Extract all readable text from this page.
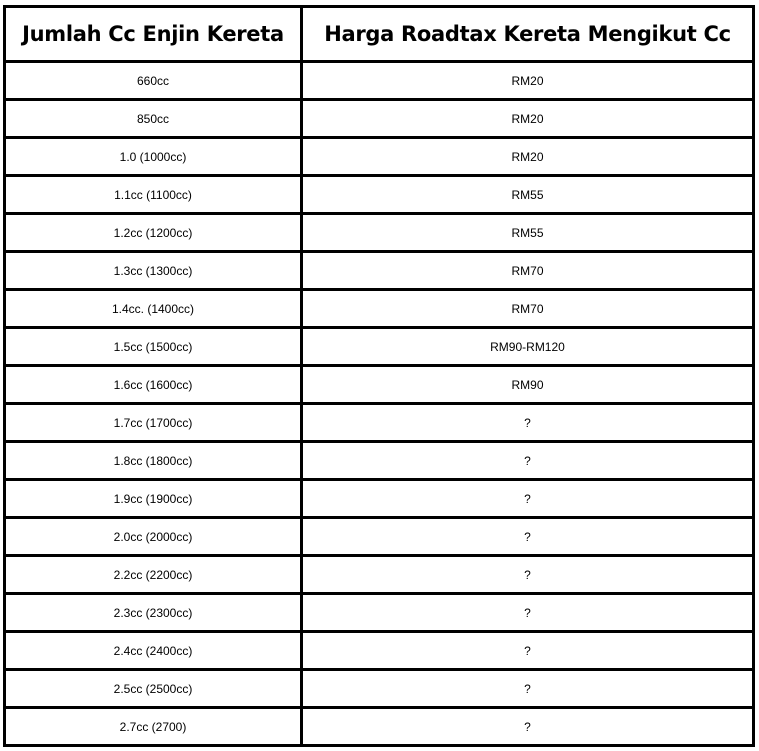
Jumlah Cc Enjin Kereta	Harga Roadtax Kereta Mengikut Cc
660cc	RM20
850cc	RM20
1.0 (1000cc)	RM20
1.1cc (1100cc)	RM55
1.2cc (1200cc)	RM55
1.3cc (1300cc)	RM70
1.4cc. (1400cc)	RM70
1.5cc (1500cc)	RM90-RM120
1.6cc (1600cc)	RM90
1.7cc (1700cc)	?
1.8cc (1800cc)	?
1.9cc (1900cc)	?
2.0cc (2000cc)	?
2.2cc (2200cc)	?
2.3cc (2300cc)	?
2.4cc (2400cc)	?
2.5cc (2500cc)	?
2.7cc (2700)	?
